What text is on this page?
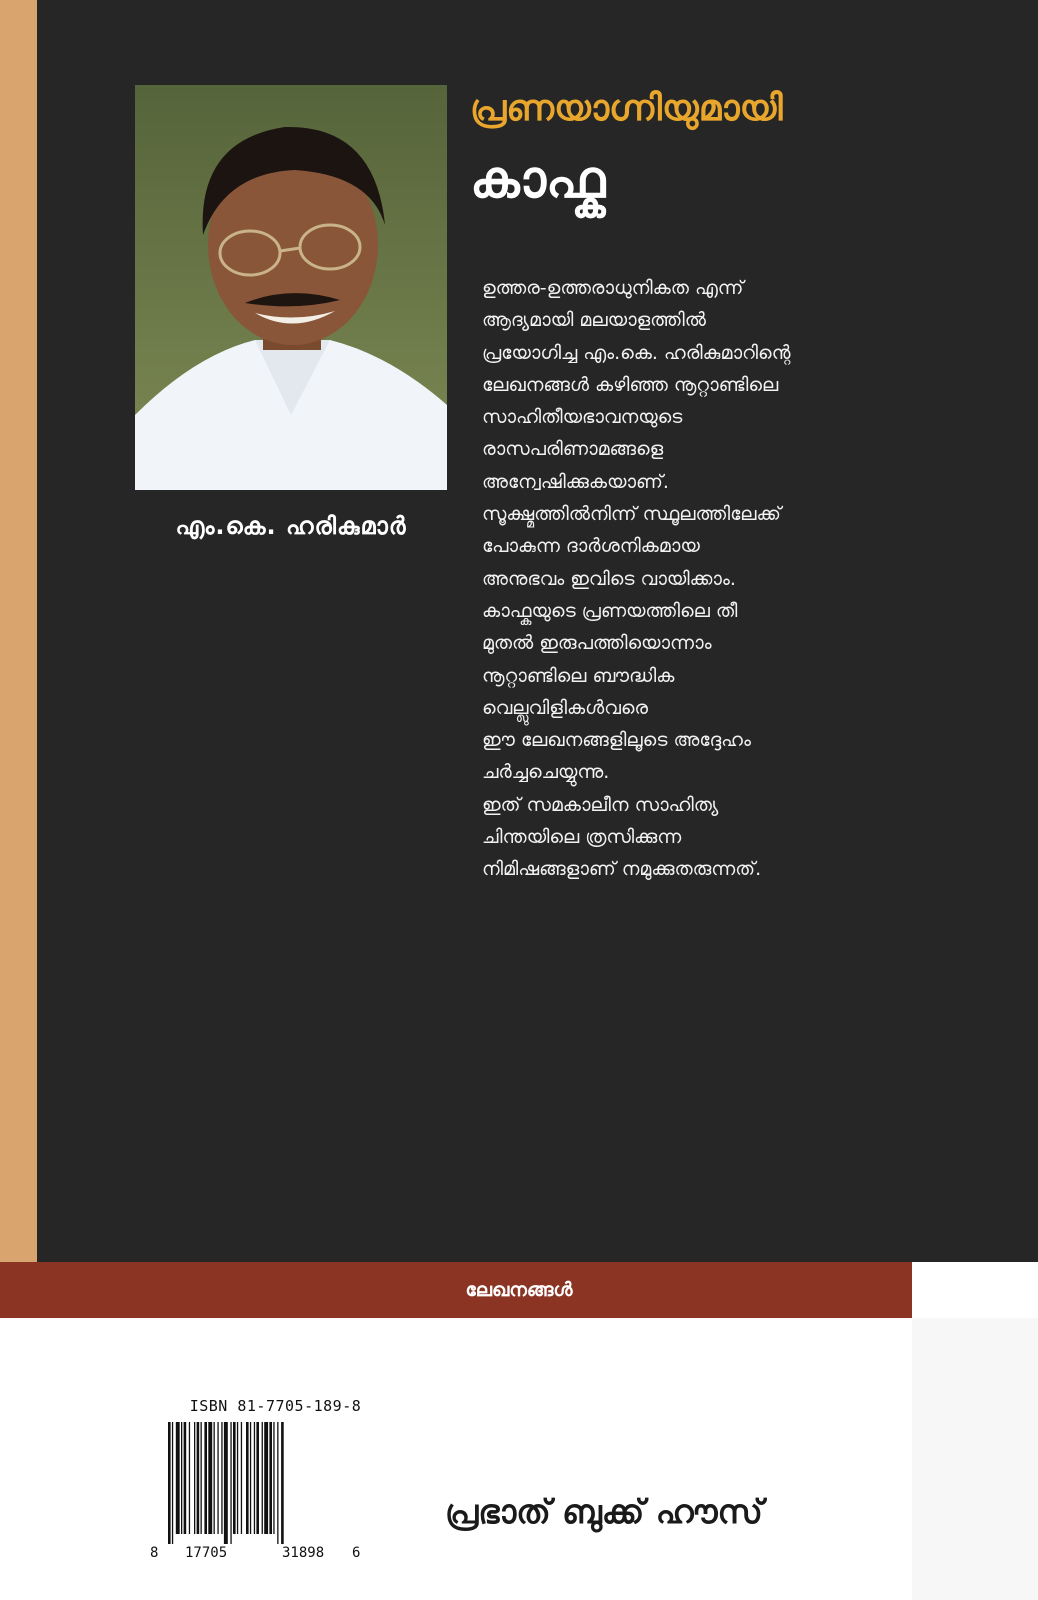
എം.കെ. ഹരികുമാർ
പ്രണയാഗ്നിയുമായി
കാഫ്ക
ഉത്തര-ഉത്തരാധുനികത എന്ന്
ആദ്യമായി മലയാളത്തിൽ
പ്രയോഗിച്ച എം.കെ. ഹരികുമാറിന്റെ
ലേഖനങ്ങൾ കഴിഞ്ഞ നൂറ്റാണ്ടിലെ
സാഹിതീയഭാവനയുടെ
രാസപരിണാമങ്ങളെ
അന്വേഷിക്കുകയാണ്.
സൂക്ഷ്മത്തിൽനിന്ന് സ്ഥൂലത്തിലേക്ക്
പോകുന്ന ദാർശനികമായ
അനുഭവം ഇവിടെ വായിക്കാം.
കാഫ്കയുടെ പ്രണയത്തിലെ തീ
മുതൽ ഇരുപത്തിയൊന്നാം
നൂറ്റാണ്ടിലെ ബൗദ്ധിക
വെല്ലുവിളികൾവരെ
ഈ ലേഖനങ്ങളിലൂടെ അദ്ദേഹം
ചർച്ചചെയ്യുന്നു.
ഇത് സമകാലീന സാഹിത്യ
ചിന്തയിലെ ത്രസിക്കുന്ന
നിമിഷങ്ങളാണ് നമുക്കുതരുന്നത്.
ലേഖനങ്ങൾ
ISBN 81-7705-189-8
8 17705	31898 6
പ്രഭാത് ബുക്ക് ഹൗസ്
